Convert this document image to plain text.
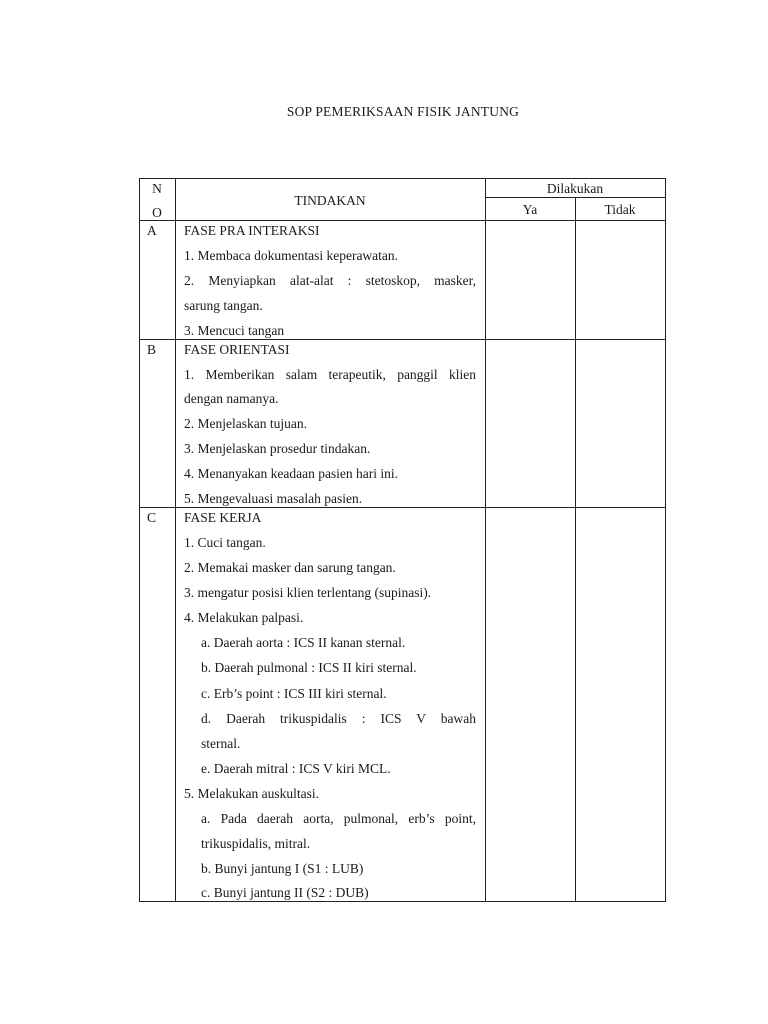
SOP PEMERIKSAAN FISIK JANTUNG
N
O
TINDAKAN
Dilakukan
Ya	Tidak
A FASE PRA INTERAKSI
1. Membaca dokumentasi keperawatan.
2. Menyiapkan alat-alat : stetoskop, masker,
sarung tangan.
3. Mencuci tangan
B FASE ORIENTASI
1. Memberikan salam terapeutik, panggil klien
dengan namanya.
2. Menjelaskan tujuan.
3. Menjelaskan prosedur tindakan.
4. Menanyakan keadaan pasien hari ini.
5. Mengevaluasi masalah pasien.
C FASE KERJA
1. Cuci tangan.
2. Memakai masker dan sarung tangan.
3. mengatur posisi klien terlentang (supinasi).
4. Melakukan palpasi.
a. Daerah aorta : ICS II kanan sternal.
b. Daerah pulmonal : ICS II kiri sternal.
c. Erb’s point : ICS III kiri sternal.
d. Daerah trikuspidalis : ICS V bawah
sternal.
e. Daerah mitral : ICS V kiri MCL.
5. Melakukan auskultasi.
a. Pada daerah aorta, pulmonal, erb’s point,
trikuspidalis, mitral.
b. Bunyi jantung I (S1 : LUB)
c. Bunyi jantung II (S2 : DUB)
